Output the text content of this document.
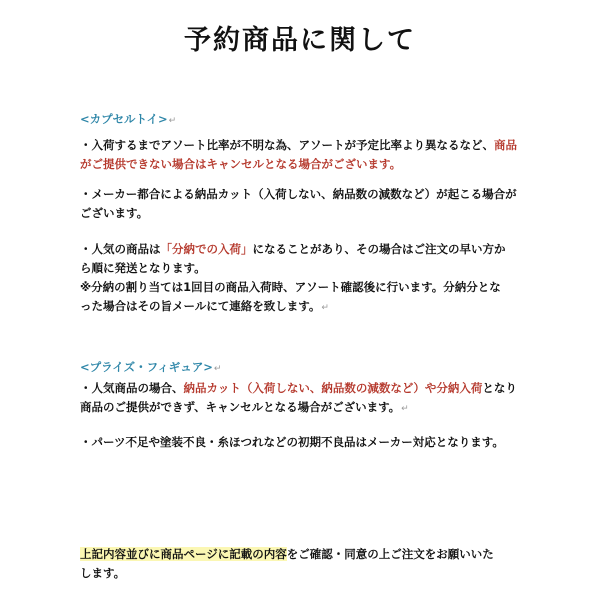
予約商品に関して
<カプセルトイ>↵
・入荷するまでアソート比率が不明な為、アソートが予定比率より異なるなど、商品
がご提供できない場合はキャンセルとなる場合がございます。
・メーカー都合による納品カット（入荷しない、納品数の減数など）が起こる場合が
ございます。
・人気の商品は「分納での入荷」になることがあり、その場合はご注文の早い方か
ら順に発送となります。
※分納の割り当ては1回目の商品入荷時、アソート確認後に行います。分納分とな
った場合はその旨メールにて連絡を致します。↵
<プライズ・フィギュア>↵
・人気商品の場合、納品カット（入荷しない、納品数の減数など）や分納入荷となり
商品のご提供ができず、キャンセルとなる場合がございます。↵
・パーツ不足や塗装不良・糸ほつれなどの初期不良品はメーカー対応となります。
上記内容並びに商品ページに記載の内容をご確認・同意の上ご注文をお願いいた
します。
